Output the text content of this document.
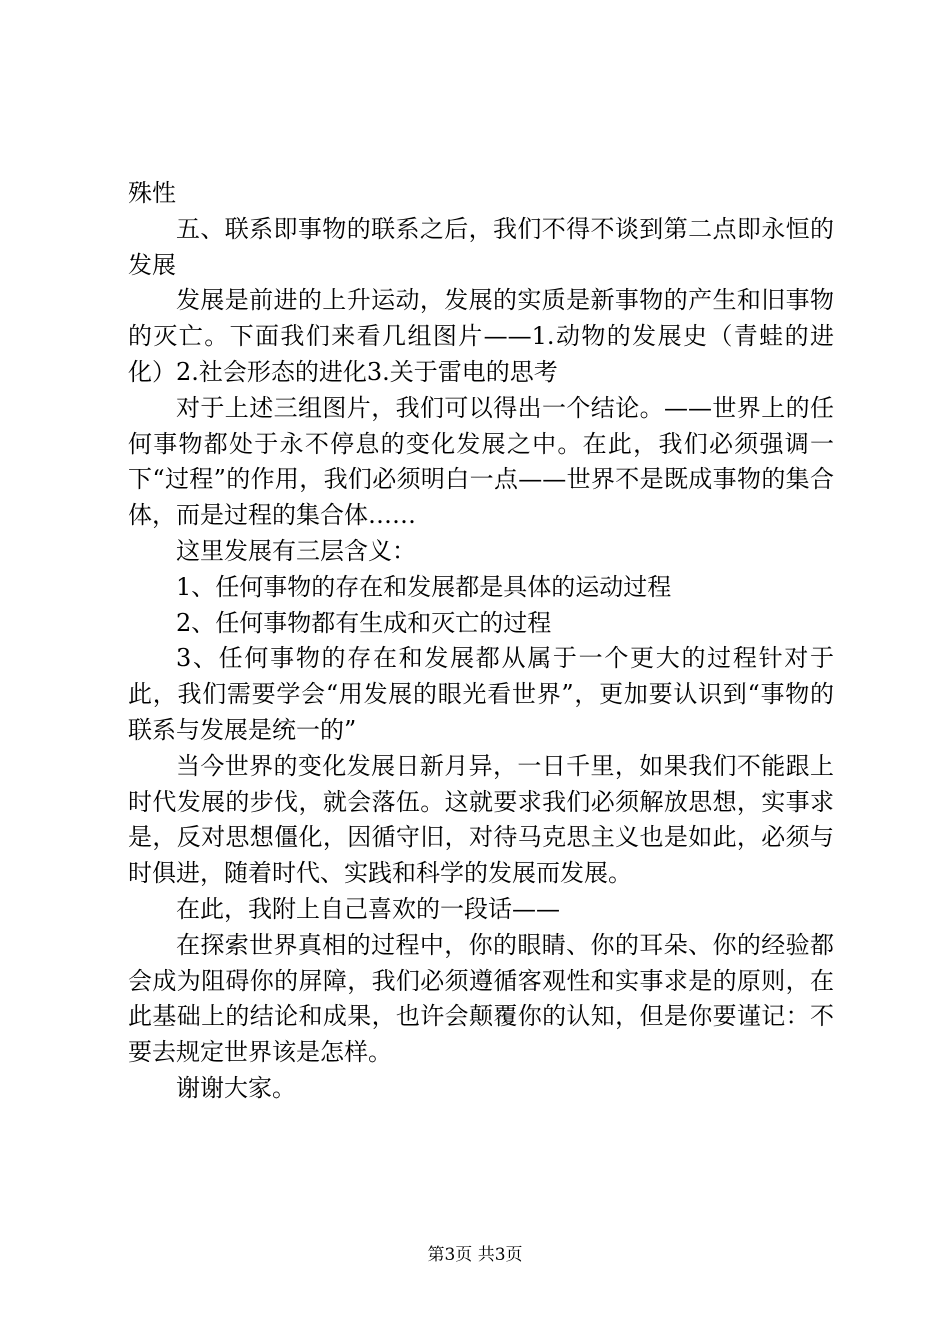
殊性

五、联系即事物的联系之后，我们不得不谈到第二点即永恒的发展

发展是前进的上升运动，发展的实质是新事物的产生和旧事物的灭亡。下面我们来看几组图片——1.动物的发展史（青蛙的进化）2.社会形态的进化3.关于雷电的思考

对于上述三组图片，我们可以得出一个结论。——世界上的任何事物都处于永不停息的变化发展之中。在此，我们必须强调一下“过程”的作用，我们必须明白一点——世界不是既成事物的集合体，而是过程的集合体……

这里发展有三层含义：

1、任何事物的存在和发展都是具体的运动过程

2、任何事物都有生成和灭亡的过程

3、任何事物的存在和发展都从属于一个更大的过程针对于此，我们需要学会“用发展的眼光看世界”，更加要认识到“事物的联系与发展是统一的”

当今世界的变化发展日新月异，一日千里，如果我们不能跟上时代发展的步伐，就会落伍。这就要求我们必须解放思想，实事求是，反对思想僵化，因循守旧，对待马克思主义也是如此，必须与时俱进，随着时代、实践和科学的发展而发展。

在此，我附上自己喜欢的一段话——

在探索世界真相的过程中，你的眼睛、你的耳朵、你的经验都会成为阻碍你的屏障，我们必须遵循客观性和实事求是的原则，在此基础上的结论和成果，也许会颠覆你的认知，但是你要谨记：不要去规定世界该是怎样。

谢谢大家。

第3页 共3页
